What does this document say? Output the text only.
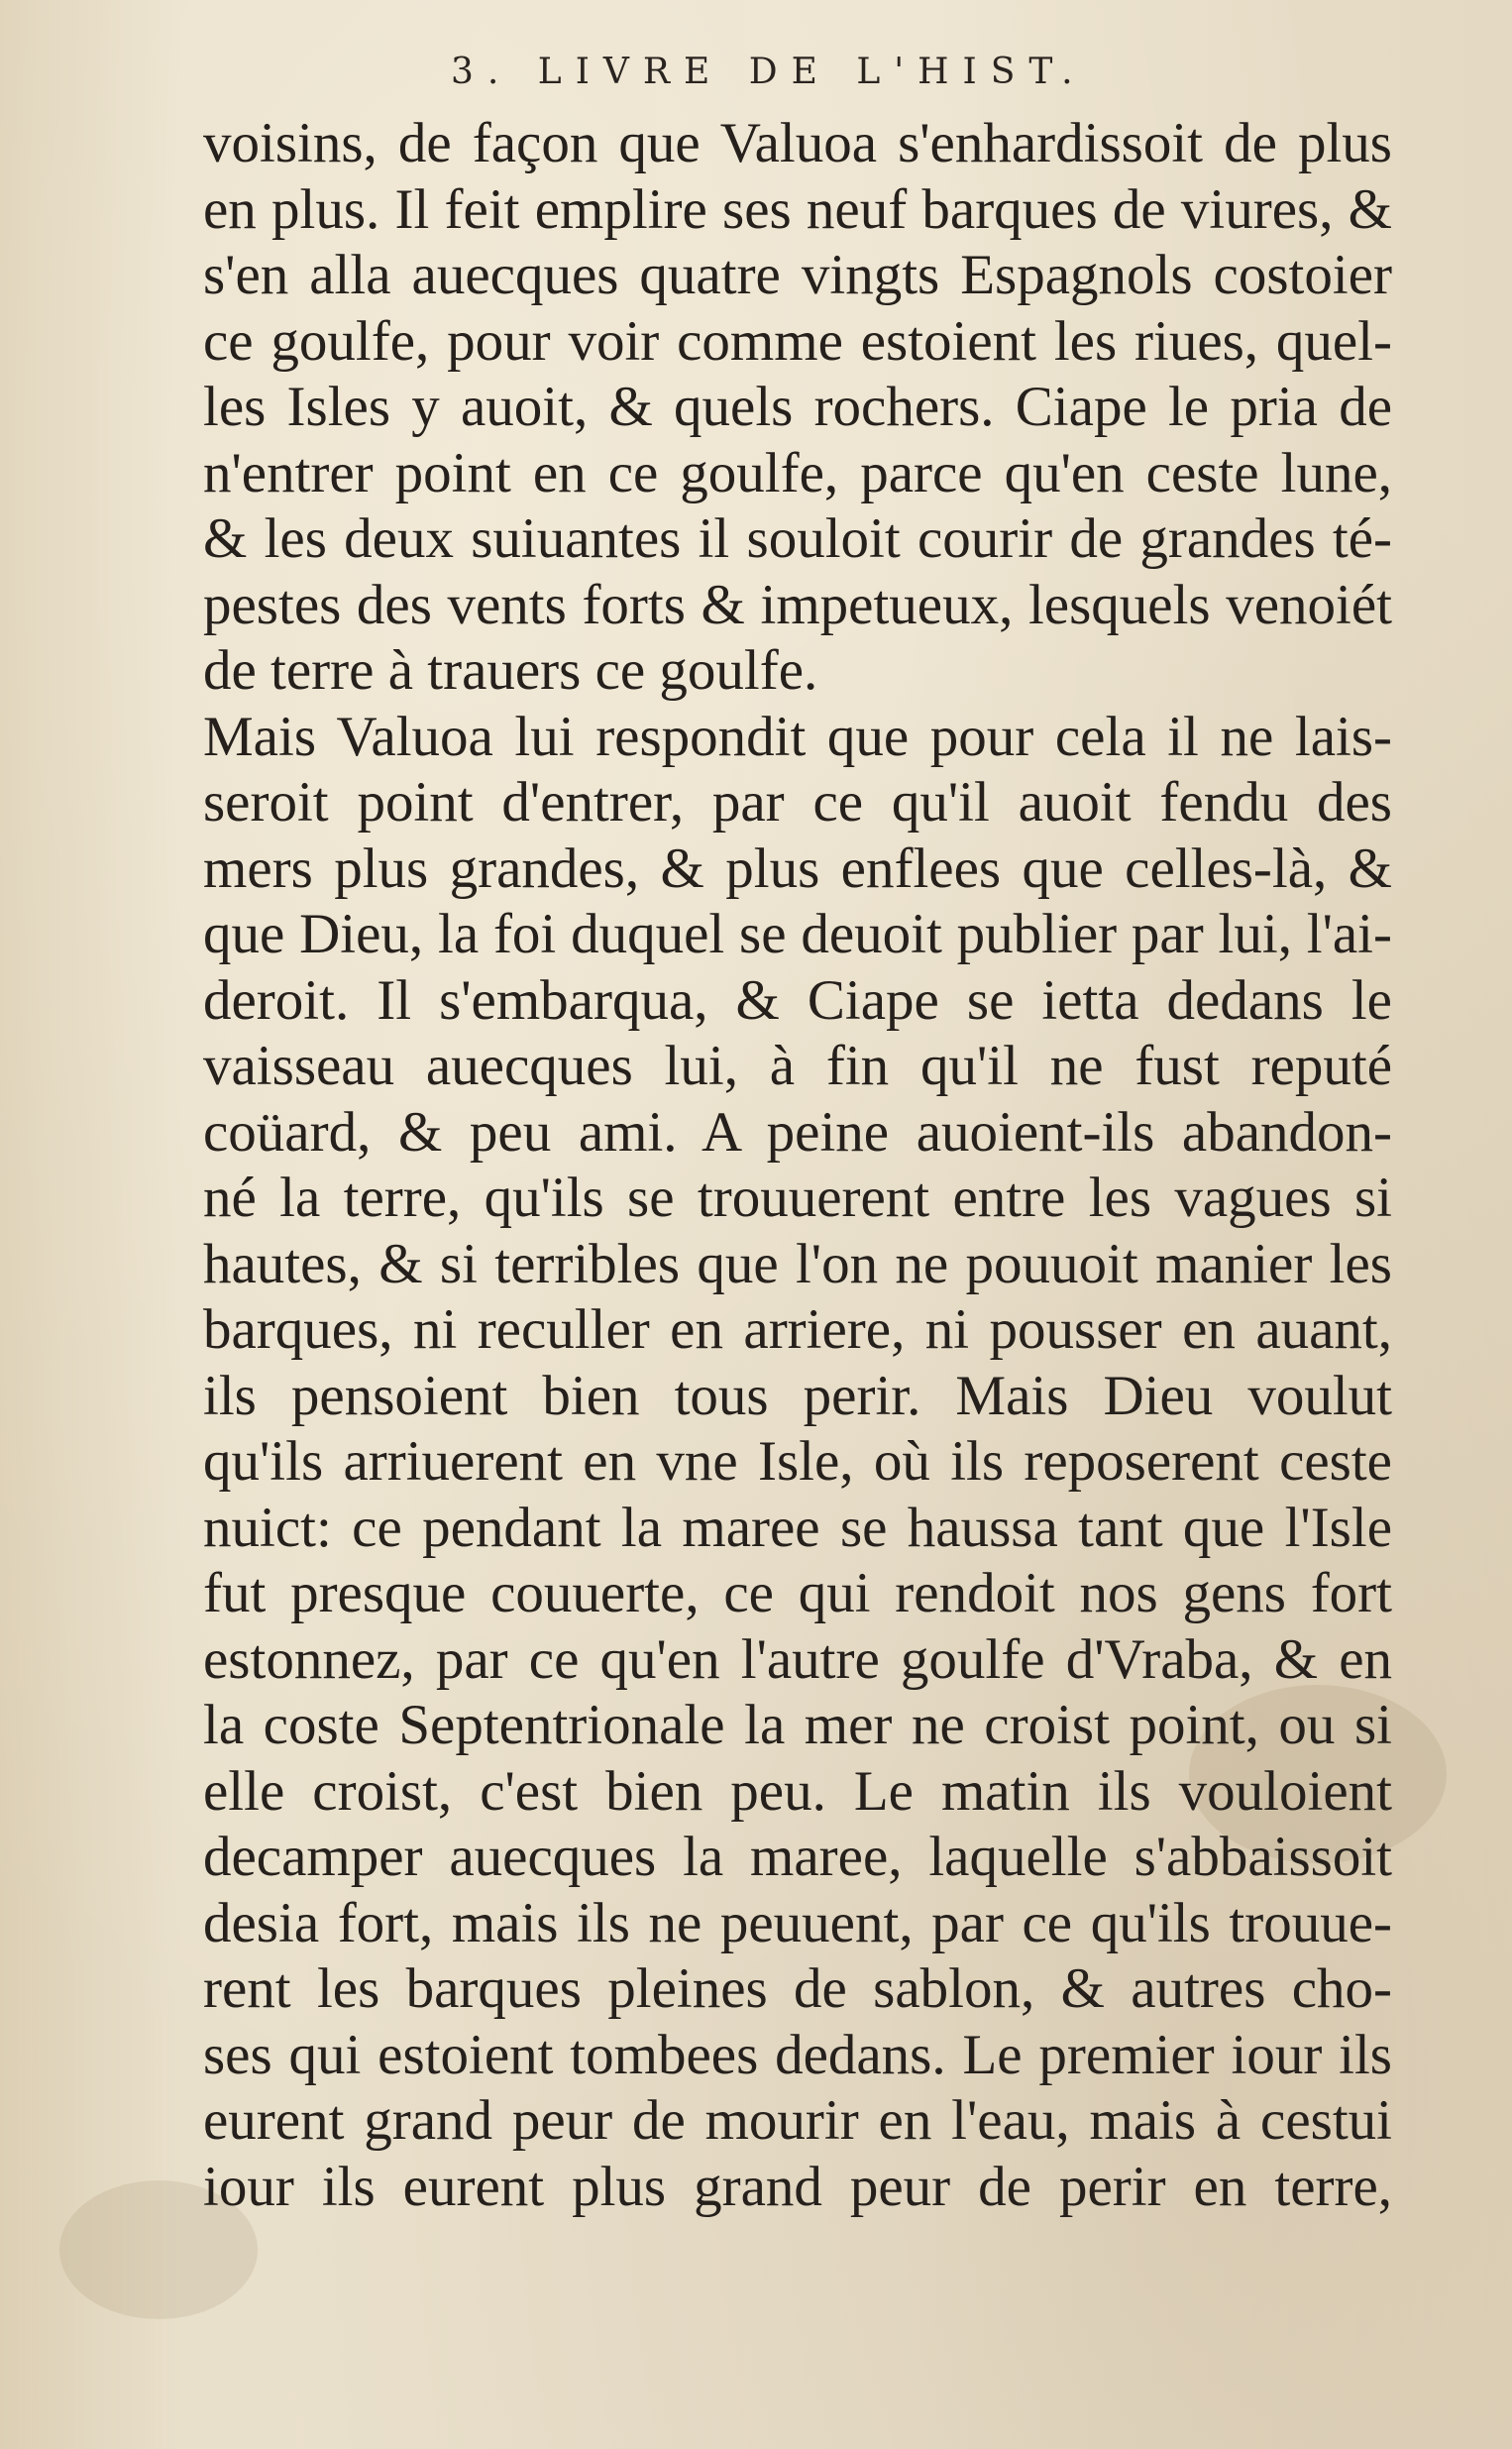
3. LIVRE DE L'HIST.
voisins, de façon que Valuoa s'enhardissoit de plus
en plus. Il feit emplire ses neuf barques de viures, &
s'en alla auecques quatre vingts Espagnols costoier
ce goulfe, pour voir comme estoient les riues, quel-
les Isles y auoit, & quels rochers. Ciape le pria de
n'entrer point en ce goulfe, parce qu'en ceste lune,
& les deux suiuantes il souloit courir de grandes té-
pestes des vents forts & impetueux, lesquels venoiét
de terre à trauers ce goulfe.
Mais Valuoa lui respondit que pour cela il ne lais-
seroit point d'entrer, par ce qu'il auoit fendu des
mers plus grandes, & plus enflees que celles-là, &
que Dieu, la foi duquel se deuoit publier par lui, l'ai-
deroit. Il s'embarqua, & Ciape se ietta dedans le
vaisseau auecques lui, à fin qu'il ne fust reputé
coüard, & peu ami. A peine auoient-ils abandon-
né la terre, qu'ils se trouuerent entre les vagues si
hautes, & si terribles que l'on ne pouuoit manier les
barques, ni reculler en arriere, ni pousser en auant,
ils pensoient bien tous perir. Mais Dieu voulut
qu'ils arriuerent en vne Isle, où ils reposerent ceste
nuict: ce pendant la maree se haussa tant que l'Isle
fut presque couuerte, ce qui rendoit nos gens fort
estonnez, par ce qu'en l'autre goulfe d'Vraba, & en
la coste Septentrionale la mer ne croist point, ou si
elle croist, c'est bien peu. Le matin ils vouloient
decamper auecques la maree, laquelle s'abbaissoit
desia fort, mais ils ne peuuent, par ce qu'ils trouue-
rent les barques pleines de sablon, & autres cho-
ses qui estoient tombees dedans. Le premier iour ils
eurent grand peur de mourir en l'eau, mais à cestui
iour ils eurent plus grand peur de perir en terre,
